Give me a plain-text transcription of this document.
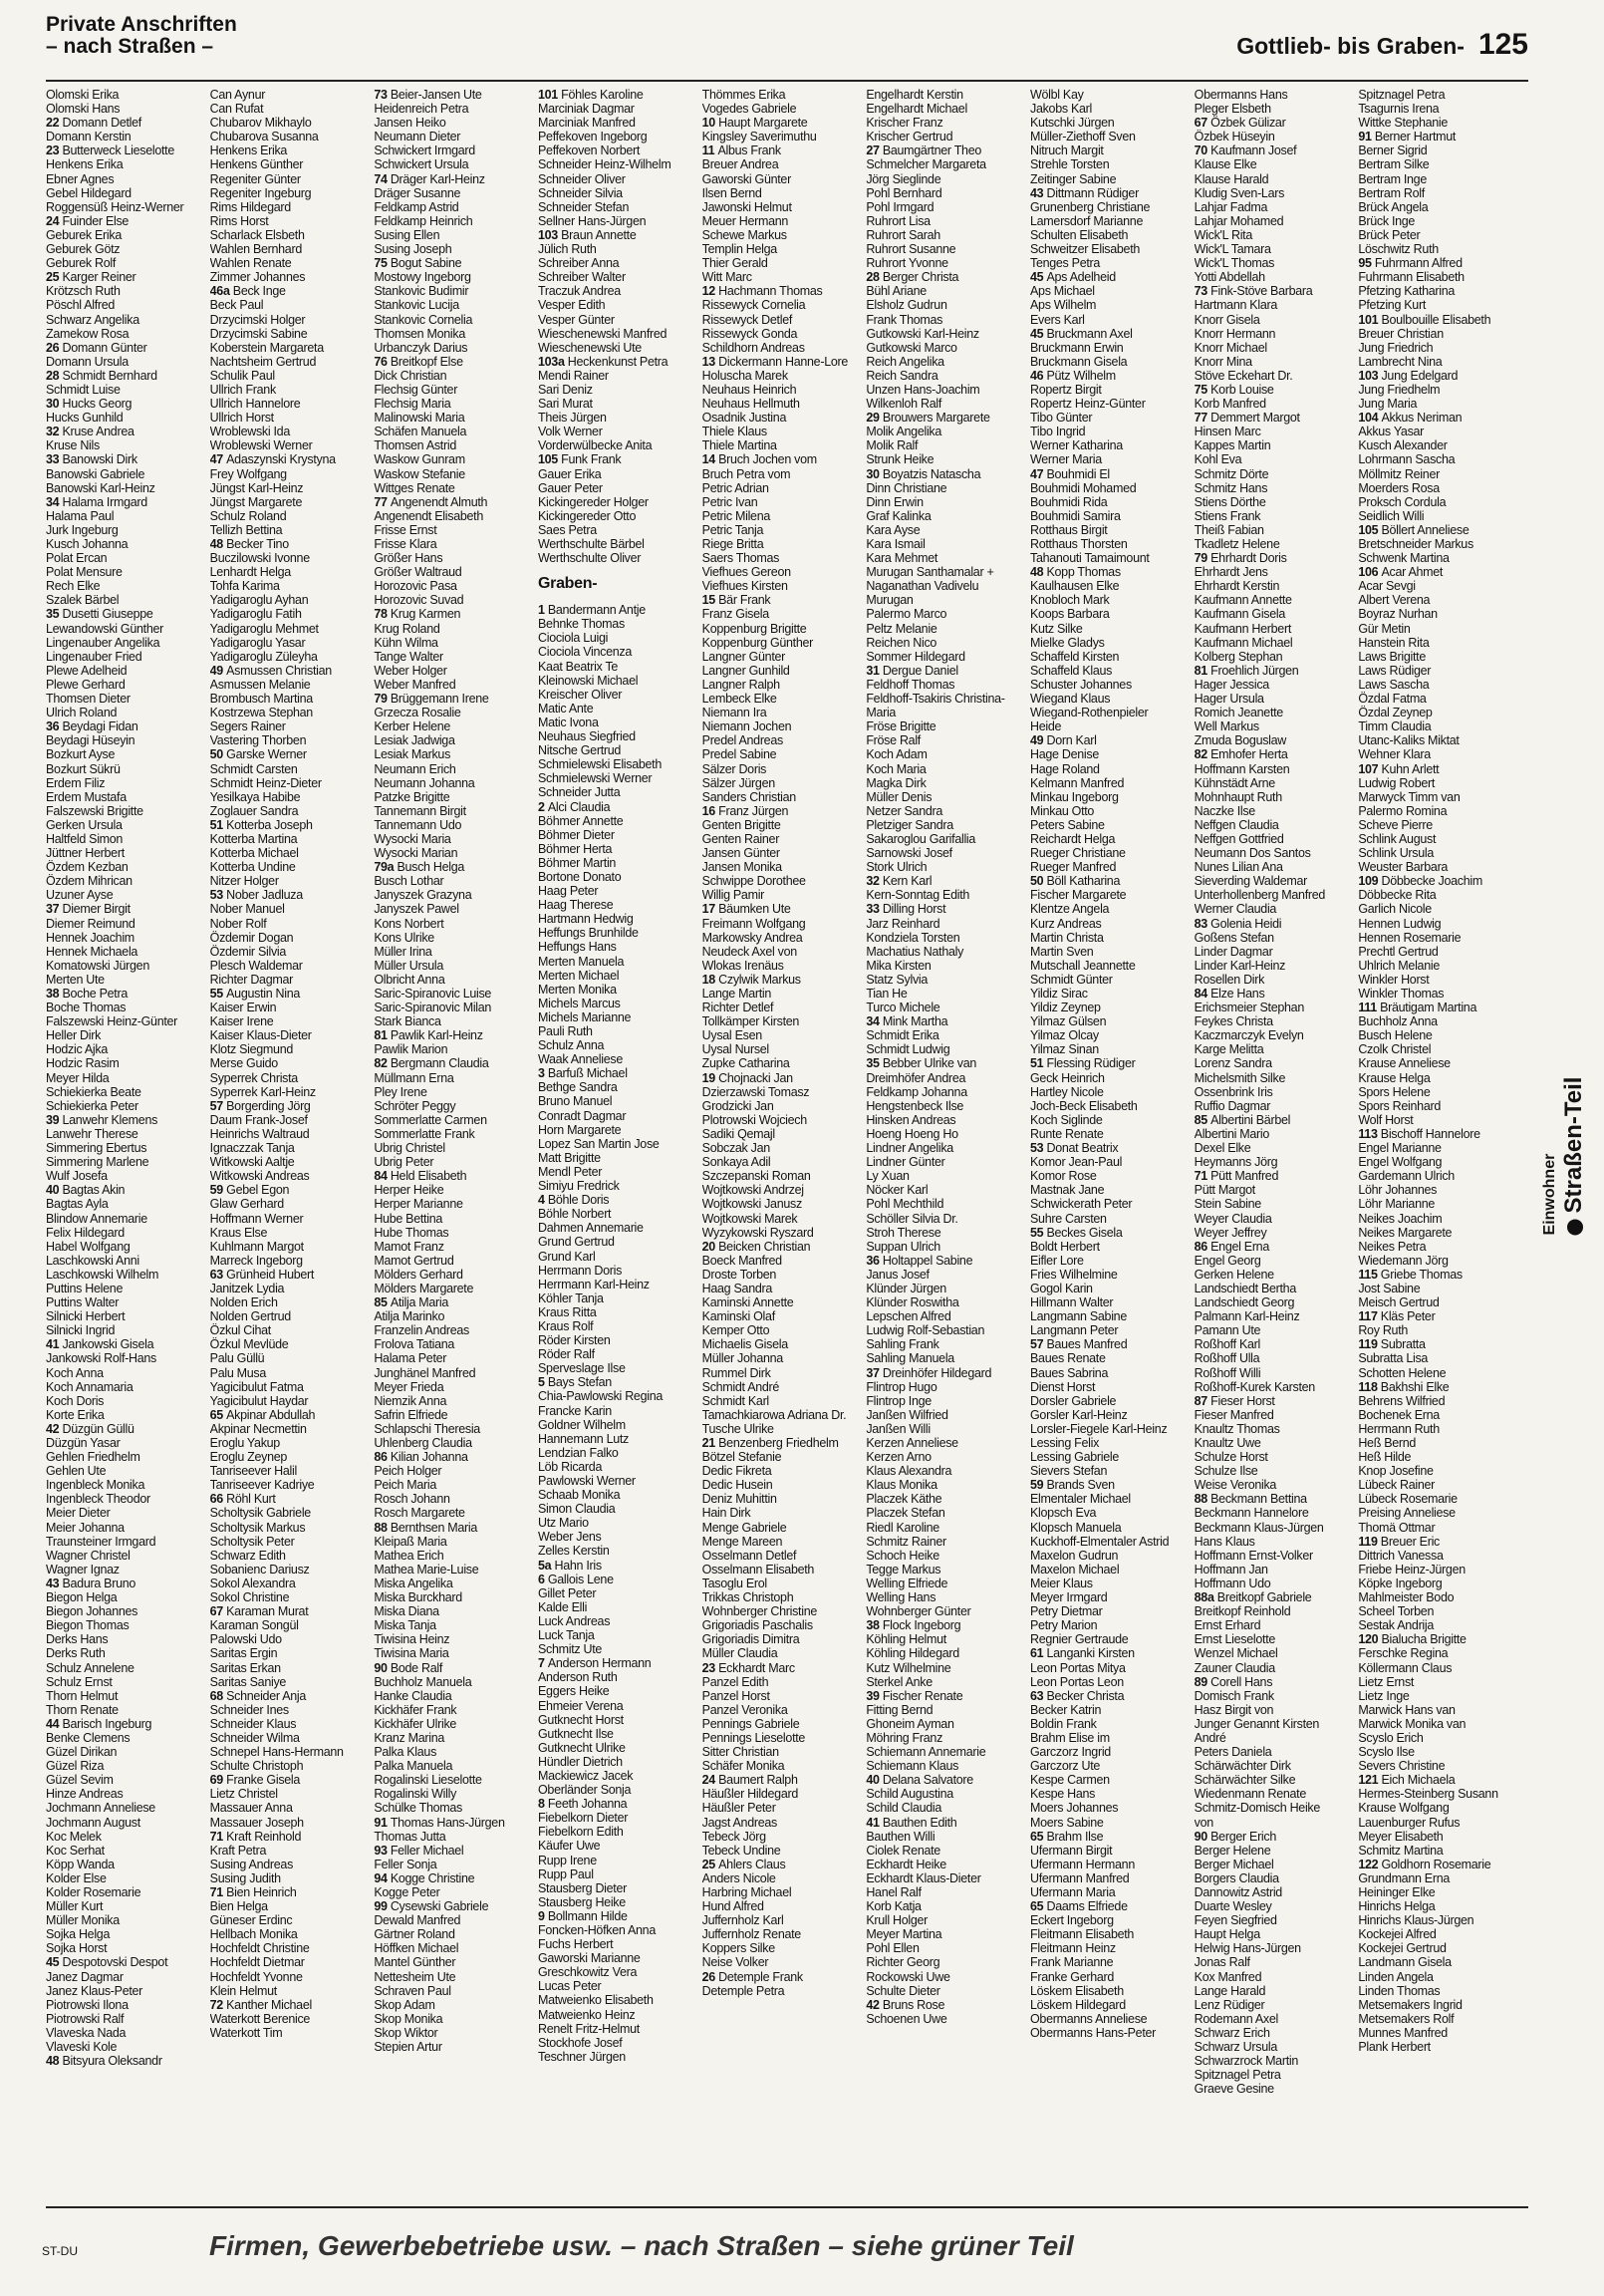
Private Anschriften
– nach Straßen –	Gottlieb- bis Graben- 125
Olomski Erika
Olomski Hans
22 Domann Detlef
Domann Kerstin
23 Butterweck Lieselotte
Henkens Erika
Ebner Agnes
Gebel Hildegard
Roggensüß Heinz-Werner
24 Fuinder Else
Geburek Erika
Geburek Götz
Geburek Rolf
25 Karger Reiner
Krötzsch Ruth
Pöschl Alfred
Schwarz Angelika
Zamekow Rosa
26 Domann Günter
Domann Ursula
28 Schmidt Bernhard
Schmidt Luise
30 Hucks Georg
Hucks Gunhild
32 Kruse Andrea
Kruse Nils
33 Banowski Dirk
Banowski Gabriele
Banowski Karl-Heinz
34 Halama Irmgard
Halama Paul
Jurk Ingeburg
Kusch Johanna
Polat Ercan
Polat Mensure
Rech Elke
Szalek Bärbel
35 Dusetti Giuseppe
Lewandowski Günther
Lingenauber Angelika
Lingenauber Fried
Plewe Adelheid
Plewe Gerhard
Thomsen Dieter
Ulrich Roland
36 Beydagi Fidan
Beydagi Hüseyin
Bozkurt Ayse
Bozkurt Sükrü
Erdem Filiz
Erdem Mustafa
Falszewski Brigitte
Gerken Ursula
Haltfeld Simon
Jüttner Herbert
Özdem Kezban
Özdem Mihrican
Uzuner Ayse
37 Diemer Birgit
Diemer Reimund
Hennek Joachim
Hennek Michaela
Komatowski Jürgen
Merten Ute
38 Boche Petra
Boche Thomas
Falszewski Heinz-Günter
Heller Dirk
Hodzic Ajka
Hodzic Rasim
Meyer Hilda
Schiekierka Beate
Schiekierka Peter
39 Lanwehr Klemens
Lanwehr Therese
Simmering Ebertus
Simmering Marlene
Wulf Josefa
40 Bagtas Akin
Bagtas Ayla
Blindow Annemarie
Felix Hildegard
Habel Wolfgang
Laschkowski Anni
Laschkowski Wilhelm
Puttins Helene
Puttins Walter
Silnicki Herbert
Silnicki Ingrid
41 Jankowski Gisela
Jankowski Rolf-Hans
Koch Anna
Koch Annamaria
Koch Doris
Korte Erika
42 Düzgün Güllü
Düzgün Yasar
Gehlen Friedhelm
Gehlen Ute
Ingenbleck Monika
Ingenbleck Theodor
Meier Dieter
Meier Johanna
Traunsteiner Irmgard
Wagner Christel
Wagner Ignaz
43 Badura Bruno
Biegon Helga
Biegon Johannes
Biegon Thomas
Derks Hans
Derks Ruth
Schulz Annelene
Schulz Ernst
Thorn Helmut
Thorn Renate
44 Barisch Ingeburg
Benke Clemens
Güzel Dirikan
Güzel Riza
Güzel Sevim
Hinze Andreas
Jochmann Anneliese
Jochmann August
Koc Melek
Koc Serhat
Köpp Wanda
Kolder Else
Kolder Rosemarie
Müller Kurt
Müller Monika
Sojka Helga
Sojka Horst
45 Despotovski Despot
Janez Dagmar
Janez Klaus-Peter
Piotrowski Ilona
Piotrowski Ralf
Vlaveska Nada
Vlaveski Kole
48 Bitsyura Oleksandr
Can Aynur
Can Rufat
Chubarov Mikhaylo
Chubarova Susanna
Henkens Erika
Henkens Günther
Regeniter Günter
Regeniter Ingeburg
Rims Hildegard
Rims Horst
Scharlack Elsbeth
Wahlen Bernhard
Wahlen Renate
Zimmer Johannes
46a Beck Inge
Beck Paul
Drzycimski Holger
Drzycimski Sabine
Koberstein Margareta
Nachtsheim Gertrud
Schulik Paul
Ullrich Frank
Ullrich Hannelore
Ullrich Horst
Wroblewski Ida
Wroblewski Werner
47 Adaszynski Krystyna
Frey Wolfgang
Jüngst Karl-Heinz
Jüngst Margarete
Schulz Roland
Tellizh Bettina
48 Becker Tino
Buczilowski Ivonne
Lenhardt Helga
Tohfa Karima
Yadigaroglu Ayhan
Yadigaroglu Fatih
Yadigaroglu Mehmet
Yadigaroglu Yasar
Yadigaroglu Züleyha
49 Asmussen Christian
Asmussen Melanie
Brombusch Martina
Kostrzewa Stephan
Segers Rainer
Vastering Thorben
50 Garske Werner
Schmidt Carsten
Schmidt Heinz-Dieter
Yesilkaya Habibe
Zoglauer Sandra
51 Kotterba Joseph
Kotterba Martina
Kotterba Michael
Kotterba Undine
Nitzer Holger
53 Nober Jadluza
Nober Manuel
Nober Rolf
Özdemir Dogan
Özdemir Silvia
Plesch Waldemar
Richter Dagmar
55 Augustin Nina
Kaiser Erwin
Kaiser Irene
Kaiser Klaus-Dieter
Klotz Siegmund
Merse Guido
Syperrek Christa
Syperrek Karl-Heinz
57 Borgerding Jörg
Daum Frank-Josef
Heinrichs Waltraud
Ignaczzak Tanja
Witkowski Aaltje
Witkowski Andreas
59 Gebel Egon
Glaw Gerhard
Hoffmann Werner
Kraus Else
Kuhlmann Margot
Marreck Ingeborg
63 Grünheid Hubert
Janitzek Lydia
Nolden Erich
Nolden Gertrud
Özkul Cihat
Özkul Mevlüde
Palu Güllü
Palu Musa
Yagicibulut Fatma
Yagicibulut Haydar
65 Akpinar Abdullah
Akpinar Necmettin
Eroglu Yakup
Eroglu Zeynep
Tanriseever Halil
Tanriseever Kadriye
66 Röhl Kurt
Scholtysik Gabriele
Scholtysik Markus
Scholtysik Peter
Schwarz Edith
Sobanienc Dariusz
Sokol Alexandra
Sokol Christine
67 Karaman Murat
Karaman Songül
Palowski Udo
Saritas Ergin
Saritas Erkan
Saritas Saniye
68 Schneider Anja
Schneider Ines
Schneider Klaus
Schneider Wilma
Schnepel Hans-Hermann
Schulte Christoph
69 Franke Gisela
Lietz Christel
Massauer Anna
Massauer Joseph
71 Kraft Reinhold
Kraft Petra
Susing Andreas
Susing Judith
71 Bien Heinrich
Bien Helga
Güneser Erdinc
Hellbach Monika
Hochfeldt Christine
Hochfeldt Dietmar
Hochfeldt Yvonne
Klein Helmut
72 Kanther Michael
Waterkott Berenice
Waterkott Tim
73 Beier-Jansen Ute
Heidenreich Petra
Jansen Heiko
Neumann Dieter
Schwickert Irmgard
Schwickert Ursula
74 Dräger Karl-Heinz
Dräger Susanne
Feldkamp Astrid
Feldkamp Heinrich
Susing Ellen
Susing Joseph
75 Bogut Sabine
Mostowy Ingeborg
Stankovic Budimir
Stankovic Lucija
Stankovic Cornelia
Thomsen Monika
Urbanczyk Darius
76 Breitkopf Else
Dick Christian
Flechsig Günter
Flechsig Maria
Malinowski Maria
Schäfen Manuela
Thomsen Astrid
Waskow Gunram
Waskow Stefanie
Wittges Renate
77 Angenendt Almuth
Angenendt Elisabeth
Frisse Ernst
Frisse Klara
Größer Hans
Größer Waltraud
Horozovic Pasa
Horozovic Suvad
78 Krug Karmen
Krug Roland
Kühn Wilma
Tange Walter
Weber Holger
Weber Manfred
79 Brüggemann Irene
Grzecza Rosalie
Kerber Helene
Lesiak Jadwiga
Lesiak Markus
Neumann Erich
Neumann Johanna
Patzke Brigitte
Tannemann Birgit
Tannemann Udo
Wysocki Maria
Wysocki Marian
79a Busch Helga
Busch Lothar
Janyszek Grazyna
Janyszek Pawel
Kons Norbert
Kons Ulrike
Müller Irina
Müller Ursula
Olbricht Anna
Saric-Spiranovic Luise
Saric-Spiranovic Milan
Stark Bianca
81 Pawlik Karl-Heinz
Pawlik Marion
82 Bergmann Claudia
Müllmann Erna
Pley Irene
Schröter Peggy
Sommerlatte Carmen
Sommerlatte Frank
Ubrig Christel
Ubrig Peter
84 Held Elisabeth
Herper Heike
Herper Marianne
Hube Bettina
Hube Thomas
Mamot Franz
Mamot Gertrud
Mölders Gerhard
Mölders Margarete
85 Atilja Maria
Atilja Marinko
Franzelin Andreas
Frolova Tatiana
Halama Peter
Junghänel Manfred
Meyer Frieda
Niemzik Anna
Safrin Elfriede
Schlapschi Theresia
Uhlenberg Claudia
86 Kilian Johanna
Peich Holger
Peich Maria
Rosch Johann
Rosch Margarete
88 Bernthsen Maria
Kleipaß Maria
Mathea Erich
Mathea Marie-Luise
Miska Angelika
Miska Burckhard
Miska Diana
Miska Tanja
Tiwisina Heinz
Tiwisina Maria
90 Bode Ralf
Buchholz Manuela
Hanke Claudia
Kickhäfer Frank
Kickhäfer Ulrike
Kranz Marina
Palka Klaus
Palka Manuela
Rogalinski Lieselotte
Rogalinski Willy
Schülke Thomas
91 Thomas Hans-Jürgen
Thomas Jutta
93 Feller Michael
Feller Sonja
94 Kogge Christine
Kogge Peter
99 Cysewski Gabriele
Dewald Manfred
Gärtner Roland
Höffken Michael
Mantel Günther
Nettesheim Ute
Schraven Paul
Skop Adam
Skop Monika
Skop Wiktor
Stepien Artur
101 Föhles Karoline
Marciniak Dagmar
Marciniak Manfred
Peffekoven Ingeborg
Peffekoven Norbert
Schneider Heinz-Wilhelm
Schneider Oliver
Schneider Silvia
Schneider Stefan
Sellner Hans-Jürgen
103 Braun Annette
Jülich Ruth
Schreiber Anna
Schreiber Walter
Traczuk Andrea
Vesper Edith
Vesper Günter
Wieschenewski Manfred
Wieschenewski Ute
103a Heckenkunst Petra
Mendi Rainer
Sari Deniz
Sari Murat
Theis Jürgen
Volk Werner
Vorderwülbecke Anita
105 Funk Frank
Gauer Erika
Gauer Peter
Kickingereder Holger
Kickingereder Otto
Saes Petra
Werthschulte Bärbel
Werthschulte Oliver
Graben-
1 Bandermann Antje
Behnke Thomas
Ciociola Luigi
Ciociola Vincenza
Kaat Beatrix Te
Kleinowski Michael
Kreischer Oliver
Matic Ante
Matic Ivona
Neuhaus Siegfried
Nitsche Gertrud
Schmielewski Elisabeth
Schmielewski Werner
Schneider Jutta
2 Alci Claudia
Böhmer Annette
Böhmer Dieter
Böhmer Herta
Böhmer Martin
Bortone Donato
Haag Peter
Haag Therese
Hartmann Hedwig
Heffungs Brunhilde
Heffungs Hans
Merten Manuela
Merten Michael
Merten Monika
Michels Marcus
Michels Marianne
Pauli Ruth
Schulz Anna
Waak Anneliese
3 Barfuß Michael
Bethge Sandra
Bruno Manuel
Conradt Dagmar
Horn Margarete
Lopez San Martin Jose
Matt Brigitte
Mendl Peter
Simiyu Fredrick
4 Böhle Doris
Böhle Norbert
Dahmen Annemarie
Grund Gertrud
Grund Karl
Herrmann Doris
Herrmann Karl-Heinz
Köhler Tanja
Kraus Ritta
Kraus Rolf
Röder Kirsten
Röder Ralf
Sperveslage Ilse
5 Bays Stefan
Chia-Pawlowski Regina
Francke Karin
Goldner Wilhelm
Hannemann Lutz
Lendzian Falko
Löb Ricarda
Pawlowski Werner
Schaab Monika
Simon Claudia
Utz Mario
Weber Jens
Zelles Kerstin
5a Hahn Iris
6 Gallois Lene
Gillet Peter
Kalde Elli
Luck Andreas
Luck Tanja
Schmitz Ute
7 Anderson Hermann
Anderson Ruth
Eggers Heike
Ehmeier Verena
Gutknecht Horst
Gutknecht Ilse
Gutknecht Ulrike
Hündler Dietrich
Mackiewicz Jacek
Oberländer Sonja
8 Feeth Johanna
Fiebelkorn Dieter
Fiebelkorn Edith
Käufer Uwe
Rupp Irene
Rupp Paul
Stausberg Dieter
Stausberg Heike
9 Bollmann Hilde
Foncken-Höfken Anna
Fuchs Herbert
Gaworski Marianne
Greschkowitz Vera
Lucas Peter
Matweienko Elisabeth
Matweienko Heinz
Renelt Fritz-Helmut
Stockhofe Josef
Teschner Jürgen
Thömmes Erika
Vogedes Gabriele
10 Haupt Margarete
Kingsley Saverimuthu
11 Albus Frank
Breuer Andrea
Gaworski Günter
Ilsen Bernd
Jawonski Helmut
Meuer Hermann
Schewe Markus
Templin Helga
Thier Gerald
Witt Marc
12 Hachmann Thomas
Rissewyck Cornelia
Rissewyck Detlef
Rissewyck Gonda
Schildhorn Andreas
13 Dickermann Hanne-Lore
Holuscha Marek
Neuhaus Heinrich
Neuhaus Hellmuth
Osadnik Justina
Thiele Klaus
Thiele Martina
14 Bruch Jochen vom
Bruch Petra vom
Petric Adrian
Petric Ivan
Petric Milena
Petric Tanja
Riege Britta
Saers Thomas
Viefhues Gereon
Viefhues Kirsten
15 Bär Frank
Franz Gisela
Koppenburg Brigitte
Koppenburg Günther
Langner Günter
Langner Gunhild
Langner Ralph
Lembeck Elke
Niemann Ira
Niemann Jochen
Predel Andreas
Predel Sabine
Sälzer Doris
Sälzer Jürgen
Sanders Christian
16 Franz Jürgen
Genten Brigitte
Genten Rainer
Jansen Günter
Jansen Monika
Schwippe Dorothee
Willig Pamir
17 Bäumken Ute
Freimann Wolfgang
Markowsky Andrea
Neudeck Axel von
Wlokas Irenäus
18 Czylwik Markus
Lange Martin
Richter Detlef
Tollkämper Kirsten
Uysal Esen
Uysal Nursel
Zupke Catharina
19 Chojnacki Jan
Dzierzawski Tomasz
Grodzicki Jan
Plotrowski Wojciech
Sadiki Qemajl
Sobczak Jan
Sonkaya Adil
Szczepanski Roman
Wojtkowski Andrzej
Wojtkowski Janusz
Wojtkowski Marek
Wyzykowski Ryszard
20 Beicken Christian
Boeck Manfred
Droste Torben
Haag Sandra
Kaminski Annette
Kaminski Olaf
Kemper Otto
Michaelis Gisela
Müller Johanna
Rummel Dirk
Schmidt André
Schmidt Karl
Tamachkiarowa Adriana Dr.
Tusche Ulrike
21 Benzenberg Friedhelm
Bötzel Stefanie
Dedic Fikreta
Dedic Husein
Deniz Muhittin
Hain Dirk
Menge Gabriele
Menge Mareen
Osselmann Detlef
Osselmann Elisabeth
Tasoglu Erol
Trikkas Christoph
Wohnberger Christine
Grigoriadis Paschalis
Grigoriadis Dimitra
Müller Claudia
23 Eckhardt Marc
Panzel Edith
Panzel Horst
Panzel Veronika
Pennings Gabriele
Pennings Lieselotte
Sitter Christian
Schäfer Monika
24 Baumert Ralph
Häußler Hildegard
Häußler Peter
Jagst Andreas
Tebeck Jörg
Tebeck Undine
25 Ahlers Claus
Anders Nicole
Harbring Michael
Hund Alfred
Juffernholz Karl
Juffernholz Renate
Koppers Silke
Neise Volker
26 Detemple Frank
Detemple Petra
Engelhardt Kerstin
Engelhardt Michael
Krischer Franz
Krischer Gertrud
27 Baumgärtner Theo
Schmelcher Margareta
Jörg Sieglinde
Pohl Bernhard
Pohl Irmgard
Ruhrort Lisa
Ruhrort Sarah
Ruhrort Susanne
Ruhrort Yvonne
28 Berger Christa
Bühl Ariane
Elsholz Gudrun
Frank Thomas
Gutkowski Karl-Heinz
Gutkowski Marco
Reich Angelika
Reich Sandra
Unzen Hans-Joachim
Wilkenloh Ralf
29 Brouwers Margarete
Molik Angelika
Molik Ralf
Strunk Heike
30 Boyatzis Natascha
Dinn Christiane
Dinn Erwin
Graf Kalinka
Kara Ayse
Kara Ismail
Kara Mehmet
Murugan Santhamalar +
Naganathan Vadivelu
Murugan
Palermo Marco
Peltz Melanie
Reichen Nico
Sommer Hildegard
31 Dergue Daniel
Feldhoff Thomas
Feldhoff-Tsakiris Christina-
Maria
Fröse Brigitte
Fröse Ralf
Koch Adam
Koch Maria
Magka Dirk
Müller Denis
Netzer Sandra
Pletziger Sandra
Sakaroglou Garifallia
Sarnowski Josef
Stork Ulrich
32 Kern Karl
Kern-Sonntag Edith
33 Dilling Horst
Jarz Reinhard
Kondziela Torsten
Machatius Nathaly
Mika Kirsten
Statz Sylvia
Tian He
Turco Michele
34 Mink Martha
Schmidt Erika
Schmidt Ludwig
35 Bebber Ulrike van
Dreimhöfer Andrea
Feldkamp Johanna
Hengstenbeck Ilse
Hinsken Andreas
Hoeng Hoeng Ho
Lindner Angelika
Lindner Günter
Ly Xuan
Nöcker Karl
Pohl Mechthild
Schöller Silvia Dr.
Stroh Therese
Suppan Ulrich
36 Holtappel Sabine
Janus Josef
Klünder Jürgen
Klünder Roswitha
Lepschen Alfred
Ludwig Rolf-Sebastian
Sahling Frank
Sahling Manuela
37 Dreinhöfer Hildegard
Flintrop Hugo
Flintrop Inge
Janßen Wilfried
Janßen Willi
Kerzen Anneliese
Kerzen Arno
Klaus Alexandra
Klaus Monika
Placzek Käthe
Placzek Stefan
Riedl Karoline
Schmitz Rainer
Schoch Heike
Tegge Markus
Welling Elfriede
Welling Hans
Wohnberger Günter
38 Flock Ingeborg
Köhling Helmut
Köhling Hildegard
Kutz Wilhelmine
Sterkel Anke
39 Fischer Renate
Fitting Bernd
Ghoneim Ayman
Möhring Franz
Schiemann Annemarie
Schiemann Klaus
40 Delana Salvatore
Schild Augustina
Schild Claudia
41 Bauthen Edith
Bauthen Willi
Ciolek Renate
Eckhardt Heike
Eckhardt Klaus-Dieter
Hanel Ralf
Korb Katja
Krull Holger
Meyer Martina
Pohl Ellen
Richter Georg
Rockowski Uwe
Schulte Dieter
42 Bruns Rose
Schoenen Uwe
Wölbl Kay
Jakobs Karl
Kutschki Jürgen
Müller-Ziethoff Sven
Nitruch Margit
Strehle Torsten
Zeitinger Sabine
43 Dittmann Rüdiger
Grunenberg Christiane
Lamersdorf Marianne
Schulten Elisabeth
Schweitzer Elisabeth
Tenges Petra
45 Aps Adelheid
Aps Michael
Aps Wilhelm
Evers Karl
45 Bruckmann Axel
Bruckmann Erwin
Bruckmann Gisela
46 Pütz Wilhelm
Ropertz Birgit
Ropertz Heinz-Günter
Tibo Günter
Tibo Ingrid
Werner Katharina
Werner Maria
47 Bouhmidi El
Bouhmidi Mohamed
Bouhmidi Rida
Bouhmidi Samira
Rotthaus Birgit
Rotthaus Thorsten
Tahanouti Tamaimount
48 Kopp Thomas
Kaulhausen Elke
Knobloch Mark
Koops Barbara
Kutz Silke
Mielke Gladys
Schaffeld Kirsten
Schaffeld Klaus
Schuster Johannes
Wiegand Klaus
Wiegand-Rothenpieler
Heide
49 Dorn Karl
Hage Denise
Hage Roland
Kelmann Manfred
Minkau Ingeborg
Minkau Otto
Peters Sabine
Reichardt Helga
Rueger Christiane
Rueger Manfred
50 Böll Katharina
Fischer Margarete
Klentze Angela
Kurz Andreas
Martin Christa
Martin Sven
Mutschall Jeannette
Schmidt Günter
Yildiz Sirac
Yildiz Zeynep
Yilmaz Gülsen
Yilmaz Olcay
Yilmaz Sinan
51 Flessing Rüdiger
Geck Heinrich
Hartley Nicole
Joch-Beck Elisabeth
Koch Siglinde
Runte Renate
53 Donat Beatrix
Komor Jean-Paul
Komor Rose
Mastnak Jane
Schwickerath Peter
Suhre Carsten
55 Beckes Gisela
Boldt Herbert
Eifler Lore
Fries Wilhelmine
Gogol Karin
Hillmann Walter
Langmann Sabine
Langmann Peter
57 Baues Manfred
Baues Renate
Baues Sabrina
Dienst Horst
Dorsler Gabriele
Gorsler Karl-Heinz
Lorsler-Fiegele Karl-Heinz
Lessing Felix
Lessing Gabriele
Sievers Stefan
59 Brands Sven
Elmentaler Michael
Klopsch Eva
Klopsch Manuela
Kuckhoff-Elmentaler Astrid
Maxelon Gudrun
Maxelon Michael
Meier Klaus
Meyer Irmgard
Petry Dietmar
Petry Marion
Regnier Gertraude
61 Langanki Kirsten
Leon Portas Mitya
Leon Portas Leon
63 Becker Christa
Becker Katrin
Boldin Frank
Brahm Elise im
Garczorz Ingrid
Garczorz Ute
Kespe Carmen
Kespe Hans
Moers Johannes
Moers Sabine
65 Brahm Ilse
Ufermann Birgit
Ufermann Hermann
Ufermann Manfred
Ufermann Maria
65 Daams Elfriede
Eckert Ingeborg
Fleitmann Elisabeth
Fleitmann Heinz
Frank Marianne
Franke Gerhard
Löskem Elisabeth
Löskem Hildegard
Obermanns Anneliese
Obermanns Hans-Peter
Obermanns Hans
Pleger Elsbeth
67 Özbek Gülizar
Özbek Hüseyin
70 Kaufmann Josef
Klause Elke
Klause Harald
Kludig Sven-Lars
Lahjar Fadma
Lahjar Mohamed
Wick'L Rita
Wick'L Tamara
Wick'L Thomas
Yotti Abdellah
73 Fink-Stöve Barbara
Hartmann Klara
Knorr Gisela
Knorr Hermann
Knorr Michael
Knorr Mina
Stöve Eckehart Dr.
75 Korb Louise
Korb Manfred
77 Demmert Margot
Hinsen Marc
Kappes Martin
Kohl Eva
Schmitz Dörte
Schmitz Hans
Stiens Dörthe
Stiens Frank
Theiß Fabian
Tkadletz Helene
79 Ehrhardt Doris
Ehrhardt Jens
Ehrhardt Kerstin
Kaufmann Annette
Kaufmann Gisela
Kaufmann Herbert
Kaufmann Michael
Kolberg Stephan
81 Froehlich Jürgen
Hager Jessica
Hager Ursula
Romich Jeanette
Well Markus
Zmuda Boguslaw
82 Emhofer Herta
Hoffmann Karsten
Kühnstädt Arne
Mohnhaupt Ruth
Naczke Ilse
Neffgen Claudia
Neffgen Gottfried
Neumann Dos Santos
Nunes Lilian Ana
Sieverding Waldemar
Unterhollenberg Manfred
Werner Claudia
83 Golenia Heidi
Goßens Stefan
Linder Dagmar
Linder Karl-Heinz
Rosellen Dirk
84 Elze Hans
Erichsmeier Stephan
Feykes Christa
Kaczmarczyk Evelyn
Karge Melitta
Lorenz Sandra
Michelsmith Silke
Ossenbrink Iris
Ruffio Dagmar
85 Albertini Bärbel
Albertini Mario
Dexel Elke
Heymanns Jörg
71 Pütt Manfred
Pütt Margot
Stein Sabine
Weyer Claudia
Weyer Jeffrey
86 Engel Erna
Engel Georg
Gerken Helene
Landschiedt Bertha
Landschiedt Georg
Palmann Karl-Heinz
Pamann Ute
Roßhoff Karl
Roßhoff Ulla
Roßhoff Willi
Roßhoff-Kurek Karsten
87 Fieser Horst
Fieser Manfred
Knaultz Thomas
Knaultz Uwe
Schulze Horst
Schulze Ilse
Weise Veronika
88 Beckmann Bettina
Beckmann Hannelore
Beckmann Klaus-Jürgen
Hans Klaus
Hoffmann Ernst-Volker
Hoffmann Jan
Hoffmann Udo
88a Breitkopf Gabriele
Breitkopf Reinhold
Ernst Erhard
Ernst Lieselotte
Wenzel Michael
Zauner Claudia
89 Corell Hans
Domisch Frank
Hasz Birgit von
Junger Genannt Kirsten
André
Peters Daniela
Schärwächter Dirk
Schärwächter Silke
Wiedenmann Renate
Schmitz-Domisch Heike
von
90 Berger Erich
Berger Helene
Berger Michael
Borgers Claudia
Dannowitz Astrid
Duarte Wesley
Feyen Siegfried
Haupt Helga
Helwig Hans-Jürgen
Jonas Ralf
Kox Manfred
Lange Harald
Lenz Rüdiger
Rodemann Axel
Schwarz Erich
Schwarz Ursula
Schwarzrock Martin
Spitznagel Petra
Graeve Gesine
Spitznagel Petra
Tsagurnis Irena
Wittke Stephanie
91 Berner Hartmut
Berner Sigrid
Bertram Silke
Bertram Inge
Bertram Rolf
Brück Angela
Brück Inge
Brück Peter
Löschwitz Ruth
95 Fuhrmann Alfred
Fuhrmann Elisabeth
Pfetzing Katharina
Pfetzing Kurt
101 Boulbouille Elisabeth
Breuer Christian
Jung Friedrich
Lambrecht Nina
103 Jung Edelgard
Jung Friedhelm
Jung Maria
104 Akkus Neriman
Akkus Yasar
Kusch Alexander
Lohrmann Sascha
Möllmitz Reiner
Moerders Rosa
Proksch Cordula
Seidlich Willi
105 Böllert Anneliese
Bretschneider Markus
Schwenk Martina
106 Acar Ahmet
Acar Sevgi
Albert Verena
Boyraz Nurhan
Gür Metin
Hanstein Rita
Laws Brigitte
Laws Rüdiger
Laws Sascha
Özdal Fatma
Özdal Zeynep
Timm Claudia
Utanc-Kaliks Miktat
Wehner Klara
107 Kuhn Arlett
Ludwig Robert
Marwyck Timm van
Palermo Romina
Scheve Pierre
Schlink August
Schlink Ursula
Weuster Barbara
109 Döbbecke Joachim
Döbbecke Rita
Garlich Nicole
Hennen Ludwig
Hennen Rosemarie
Prechtl Gertrud
Uhlrich Melanie
Winkler Horst
Winkler Thomas
111 Bräutigam Martina
Buchholz Anna
Busch Helene
Czolk Christel
Krause Anneliese
Krause Helga
Spors Helene
Spors Reinhard
Wolf Horst
113 Bischoff Hannelore
Engel Marianne
Engel Wolfgang
Gardemann Ulrich
Löhr Johannes
Löhr Marianne
Neikes Joachim
Neikes Margarete
Neikes Petra
Wiedemann Jörg
115 Griebe Thomas
Jost Sabine
Meisch Gertrud
117 Kläs Peter
Roy Ruth
119 Subratta
Subratta Lisa
Schotten Helene
118 Bakhshi Elke
Behrens Wilfried
Bochenek Erna
Herrmann Ruth
Heß Bernd
Heß Hilde
Knop Josefine
Lübeck Rainer
Lübeck Rosemarie
Preising Anneliese
Thomä Ottmar
119 Breuer Eric
Dittrich Vanessa
Friebe Heinz-Jürgen
Köpke Ingeborg
Mahlmeister Bodo
Scheel Torben
Sestak Andrija
120 Bialucha Brigitte
Ferschke Regina
Köllermann Claus
Lietz Ernst
Lietz Inge
Marwick Hans van
Marwick Monika van
Scyslo Erich
Scyslo Ilse
Severs Christine
121 Eich Michaela
Hermes-Steinberg Susann
Krause Wolfgang
Lauenburger Rufus
Meyer Elisabeth
Schmitz Martina
122 Goldhorn Rosemarie
Grundmann Erna
Heininger Elke
Hinrichs Helga
Hinrichs Klaus-Jürgen
Kockejei Alfred
Kockejei Gertrud
Landmann Gisela
Linden Angela
Linden Thomas
Metsemakers Ingrid
Metsemakers Rolf
Munnes Manfred
Plank Herbert
Einwohner Straßen-Teil
ST-DU	Firmen, Gewerbebetriebe usw. – nach Straßen – siehe grüner Teil
